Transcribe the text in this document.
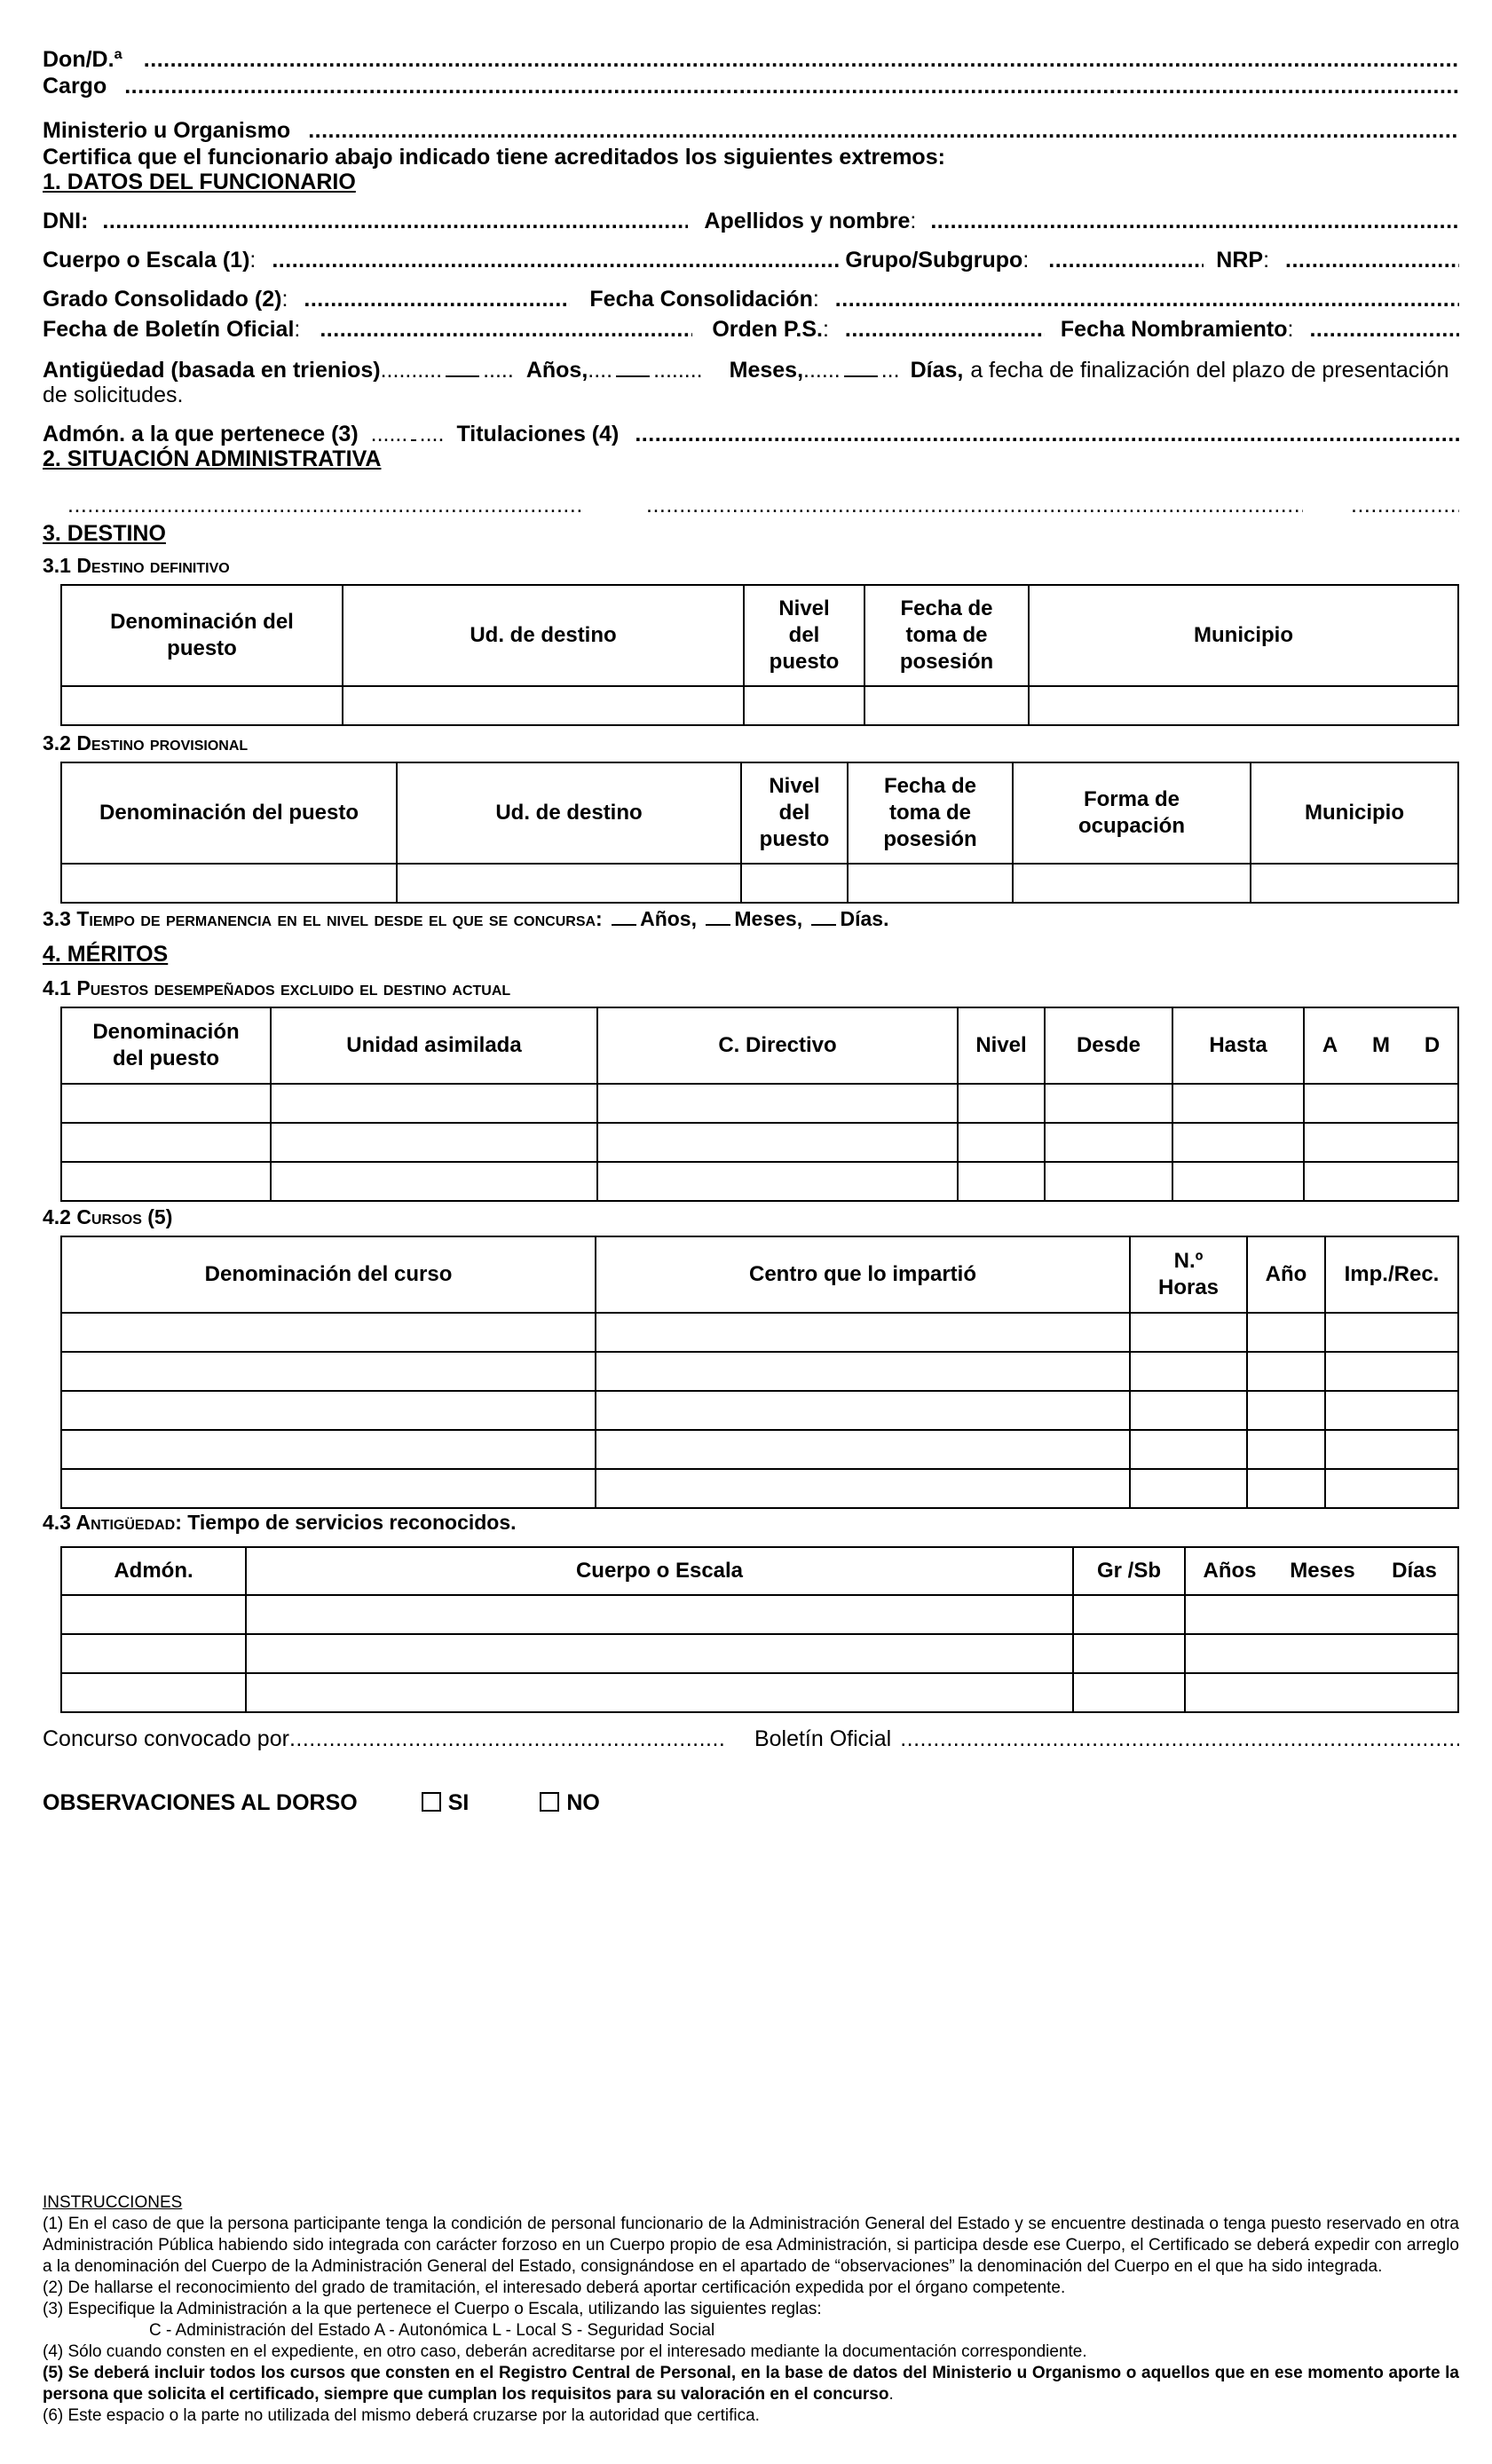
Don/D.ª
.....
Cargo
.....
Ministerio u Organismo
.....
Certifica que el funcionario abajo indicado tiene acreditados los siguientes extremos:
1. DATOS DEL FUNCIONARIO
DNI : .....	Apellidos y nombre :
.....
Cuerpo o Escala (1) : .....	Grupo/Subgrupo : .....	NRP :
.....
Grado Consolidado (2) : .....	Fecha Consolidación :
.....
Fecha de Boletín Oficial : .....	Orden P.S. : .....	Fecha Nombramiento :
.....
Antigüedad (basada en trienios) .......... ..... Años, .... ........ Meses, ...... ... Días, a fecha de finalización del plazo de presentación
de solicitudes.
Admón. a la que pertenece (3) ...... .... Titulaciones (4)
.....
2. SITUACIÓN ADMINISTRATIVA
.....
.....
.....
3. DESTINO
3.1 Destino definitivo
Denominación del puesto	Ud. de destino	Nivel del puesto	Fecha de toma de posesión	Municipio

3.2 Destino provisional
Denominación del puesto	Ud. de destino	Nivel del puesto	Fecha de toma de posesión	Forma de ocupación	Municipio

3.3 Tiempo de permanencia en el nivel desde el que se concursa: Años, Meses, Días.
4. MÉRITOS
4.1 Puestos desempeñados excluido el destino actual
Denominación del puesto	Unidad asimilada	C. Directivo	Nivel	Desde	Hasta	A	M	D

4.2 Cursos (5)
Denominación del curso	Centro que lo impartió	N.º Horas	Año	Imp./Rec.

4.3 Antigüedad: Tiempo de servicios reconocidos.
Admón.	Cuerpo o Escala	Gr /Sb	Años	Meses	Días

Concurso convocado por .....	Boletín Oficial
.....
OBSERVACIONES AL DORSO	SI	NO
INSTRUCCIONES
(1) En el caso de que la persona participante tenga la condición de personal funcionario de la Administración General del Estado y se encuentre destinada o tenga puesto reservado en otra Administración Pública habiendo sido integrada con carácter forzoso en un Cuerpo propio de esa Administración, si participa desde ese Cuerpo, el Certificado se deberá expedir con arreglo a la denominación del Cuerpo de la Administración General del Estado, consignándose en el apartado de “observaciones” la denominación del Cuerpo en el que ha sido integrada.
(2) De hallarse el reconocimiento del grado de tramitación, el interesado deberá aportar certificación expedida por el órgano competente.
(3) Especifique la Administración a la que pertenece el Cuerpo o Escala, utilizando las siguientes reglas:
C - Administración del Estado A - Autonómica L - Local S - Seguridad Social
(4) Sólo cuando consten en el expediente, en otro caso, deberán acreditarse por el interesado mediante la documentación correspondiente.
(5) Se deberá incluir todos los cursos que consten en el Registro Central de Personal, en la base de datos del Ministerio u Organismo o aquellos que en ese momento aporte la persona que solicita el certificado, siempre que cumplan los requisitos para su valoración en el concurso.
(6) Este espacio o la parte no utilizada del mismo deberá cruzarse por la autoridad que certifica.
